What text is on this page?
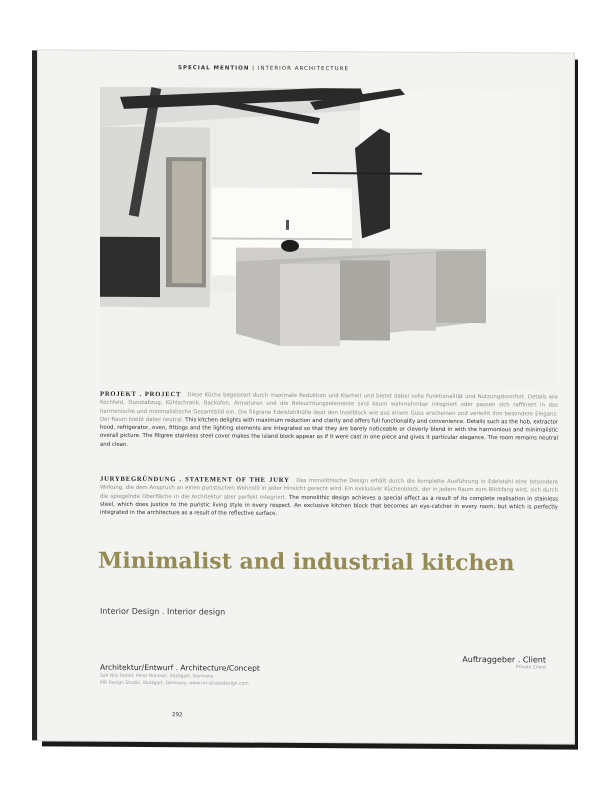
SPECIAL MENTION | INTERIOR ARCHITECTURE
PROJEKT . PROJECT Diese Küche begeistert durch maximale Reduktion und Klarheit und bietet dabei volle Funktionalität und Nutzungskomfort. Details wie Kochfeld, Dunstabzug, Kühlschrank, Backofen, Armaturen und die Beleuchtungselemente sind kaum wahrnehmbar integriert oder passen sich raffiniert in das harmonische und minimalistische Gesamtbild ein. Die filigrane Edelstahlhülle lässt den Inselblock wie aus einem Guss erscheinen und verleiht ihm besondere Eleganz. Der Raum bleibt dabei neutral. This kitchen delights with maximum reduction and clarity and offers full functionality and convenience. Details such as the hob, extractor hood, refrigerator, oven, fittings and the lighting elements are integrated so that they are barely noticeable or cleverly blend in with the harmonious and minimalistic overall picture. The filigree stainless steel cover makes the island block appear as if it were cast in one piece and gives it particular elegance. The room remains neutral and clean.
JURYBEGRÜNDUNG . STATEMENT OF THE JURY Das monolithische Design erhält durch die komplette Ausführung in Edelstahl eine besondere Wirkung, die dem Anspruch an einen puristischen Wohnstil in jeder Hinsicht gerecht wird. Ein exklusiver Küchenblock, der in jedem Raum zum Blickfang wird, sich durch die spiegelnde Oberfläche in die Architektur aber perfekt integriert. The monolithic design achieves a special effect as a result of its complete realisation in stainless steel, which does justice to the puristic living style in every respect. An exclusive kitchen block that becomes an eye-catcher in every room, but which is perfectly integrated in the architecture as a result of the reflective surface.
Minimalist and industrial kitchen
Interior Design . Interior design
Auftraggeber . Client
Private Client
Architektur/Entwurf . Architecture/Concept
Sah Nils Detlef, Peter Ruhmer, Stuttgart, Germany
MR Design Studio, Stuttgart, Germany, www.mr-studiodesign.com
292
